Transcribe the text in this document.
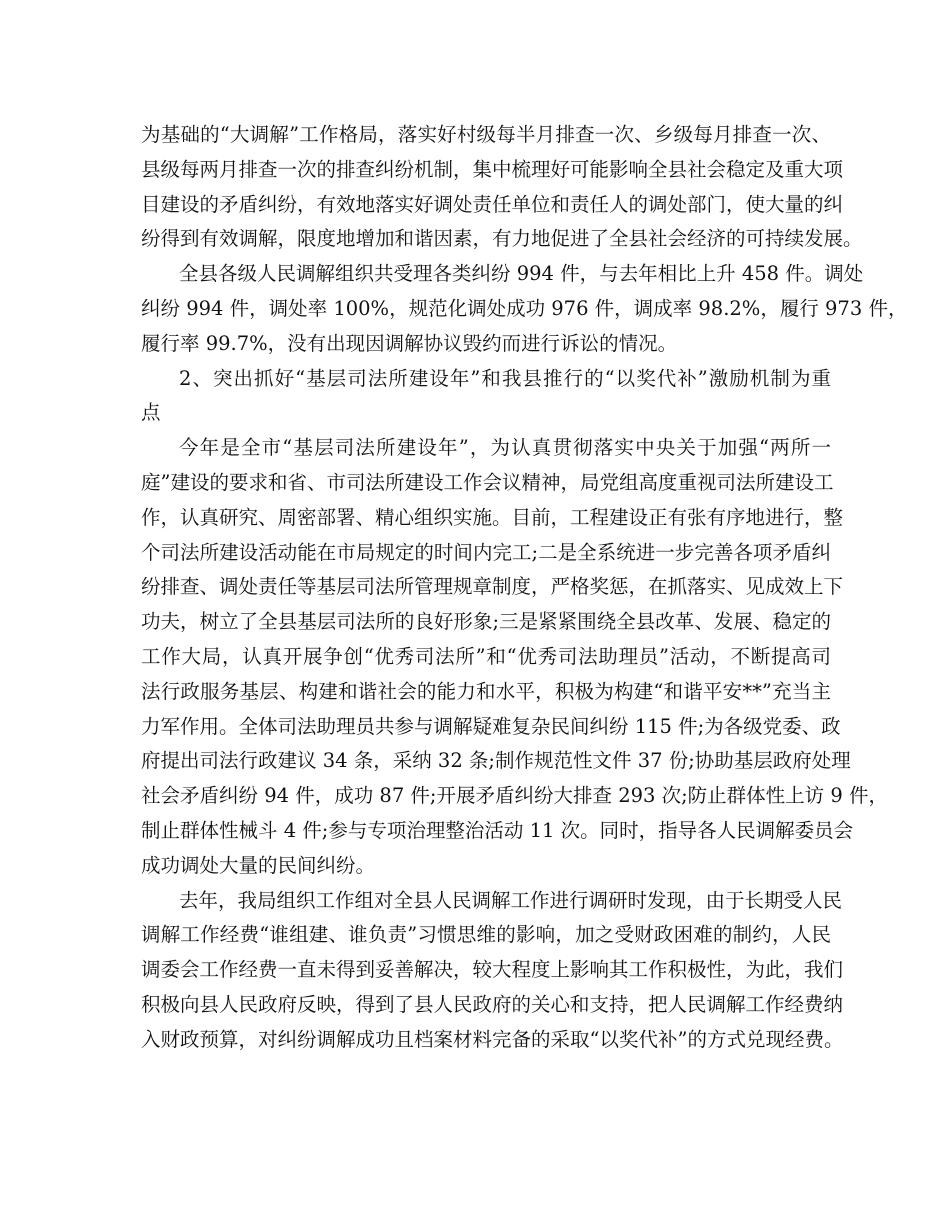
为基础的“大调解”工作格局，落实好村级每半月排查一次、乡级每月排查一次、
县级每两月排查一次的排查纠纷机制，集中梳理好可能影响全县社会稳定及重大项
目建设的矛盾纠纷，有效地落实好调处责任单位和责任人的调处部门，使大量的纠
纷得到有效调解，限度地增加和谐因素，有力地促进了全县社会经济的可持续发展。
全县各级人民调解组织共受理各类纠纷 994 件，与去年相比上升 458 件。调处
纠纷 994 件，调处率 100%，规范化调处成功 976 件，调成率 98.2%，履行 973 件，
履行率 99.7%，没有出现因调解协议毁约而进行诉讼的情况。
2、突出抓好“基层司法所建设年”和我县推行的“以奖代补”激励机制为重
点
今年是全市“基层司法所建设年”，为认真贯彻落实中央关于加强“两所一
庭”建设的要求和省、市司法所建设工作会议精神，局党组高度重视司法所建设工
作，认真研究、周密部署、精心组织实施。目前，工程建设正有张有序地进行，整
个司法所建设活动能在市局规定的时间内完工;二是全系统进一步完善各项矛盾纠
纷排查、调处责任等基层司法所管理规章制度，严格奖惩，在抓落实、见成效上下
功夫，树立了全县基层司法所的良好形象;三是紧紧围绕全县改革、发展、稳定的
工作大局，认真开展争创“优秀司法所”和“优秀司法助理员”活动，不断提高司
法行政服务基层、构建和谐社会的能力和水平，积极为构建“和谐平安**”充当主
力军作用。全体司法助理员共参与调解疑难复杂民间纠纷 115 件;为各级党委、政
府提出司法行政建议 34 条，采纳 32 条;制作规范性文件 37 份;协助基层政府处理
社会矛盾纠纷 94 件，成功 87 件;开展矛盾纠纷大排查 293 次;防止群体性上访 9 件，
制止群体性械斗 4 件;参与专项治理整治活动 11 次。同时，指导各人民调解委员会
成功调处大量的民间纠纷。
去年，我局组织工作组对全县人民调解工作进行调研时发现，由于长期受人民
调解工作经费“谁组建、谁负责”习惯思维的影响，加之受财政困难的制约，人民
调委会工作经费一直未得到妥善解决，较大程度上影响其工作积极性，为此，我们
积极向县人民政府反映，得到了县人民政府的关心和支持，把人民调解工作经费纳
入财政预算，对纠纷调解成功且档案材料完备的采取“以奖代补”的方式兑现经费。
